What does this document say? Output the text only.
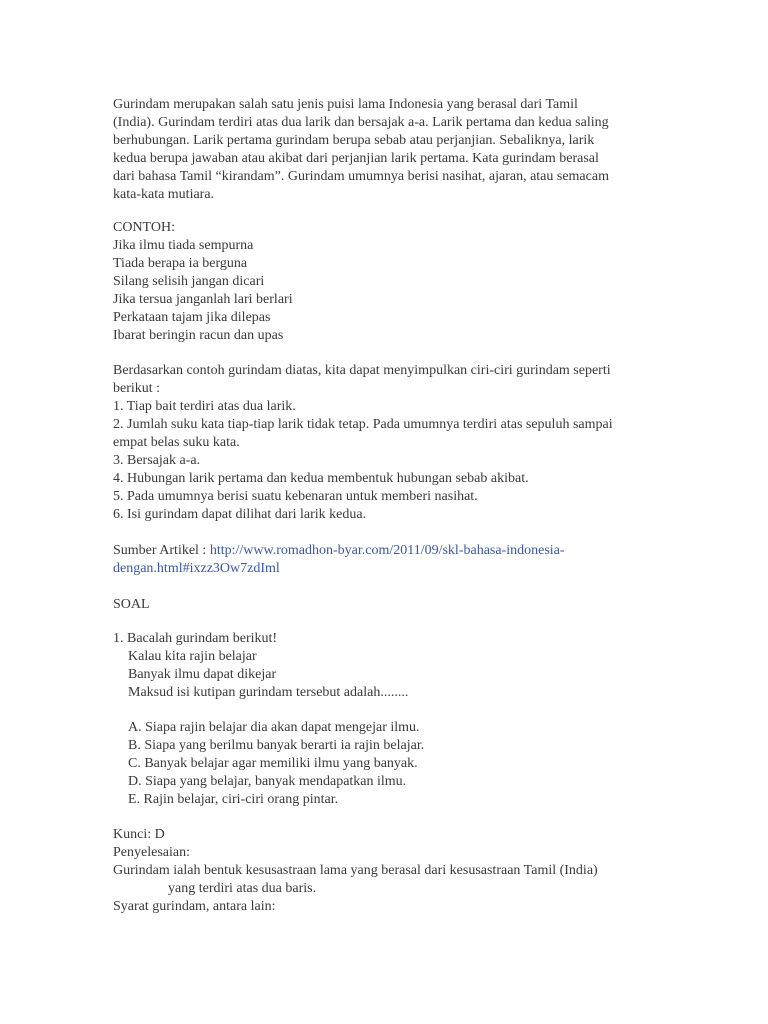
Gurindam merupakan salah satu jenis puisi lama Indonesia yang berasal dari Tamil
(India). Gurindam terdiri atas dua larik dan bersajak a-a. Larik pertama dan kedua saling
berhubungan. Larik pertama gurindam berupa sebab atau perjanjian. Sebaliknya, larik
kedua berupa jawaban atau akibat dari perjanjian larik pertama. Kata gurindam berasal
dari bahasa Tamil “kirandam”. Gurindam umumnya berisi nasihat, ajaran, atau semacam
kata-kata mutiara.
CONTOH:
Jika ilmu tiada sempurna
Tiada berapa ia berguna
Silang selisih jangan dicari
Jika tersua janganlah lari berlari
Perkataan tajam jika dilepas
Ibarat beringin racun dan upas
Berdasarkan contoh gurindam diatas, kita dapat menyimpulkan ciri-ciri gurindam seperti
berikut :
1. Tiap bait terdiri atas dua larik.
2. Jumlah suku kata tiap-tiap larik tidak tetap. Pada umumnya terdiri atas sepuluh sampai
empat belas suku kata.
3. Bersajak a-a.
4. Hubungan larik pertama dan kedua membentuk hubungan sebab akibat.
5. Pada umumnya berisi suatu kebenaran untuk memberi nasihat.
6. Isi gurindam dapat dilihat dari larik kedua.
Sumber Artikel : http://www.romadhon-byar.com/2011/09/skl-bahasa-indonesia-
dengan.html#ixzz3Ow7zdIml
SOAL
1. Bacalah gurindam berikut!
Kalau kita rajin belajar
Banyak ilmu dapat dikejar
Maksud isi kutipan gurindam tersebut adalah........
A. Siapa rajin belajar dia akan dapat mengejar ilmu.
B. Siapa yang berilmu banyak berarti ia rajin belajar.
C. Banyak belajar agar memiliki ilmu yang banyak.
D. Siapa yang belajar, banyak mendapatkan ilmu.
E. Rajin belajar, ciri-ciri orang pintar.
Kunci: D
Penyelesaian:
Gurindam ialah bentuk kesusastraan lama yang berasal dari kesusastraan Tamil (India)
yang terdiri atas dua baris.
Syarat gurindam, antara lain:
